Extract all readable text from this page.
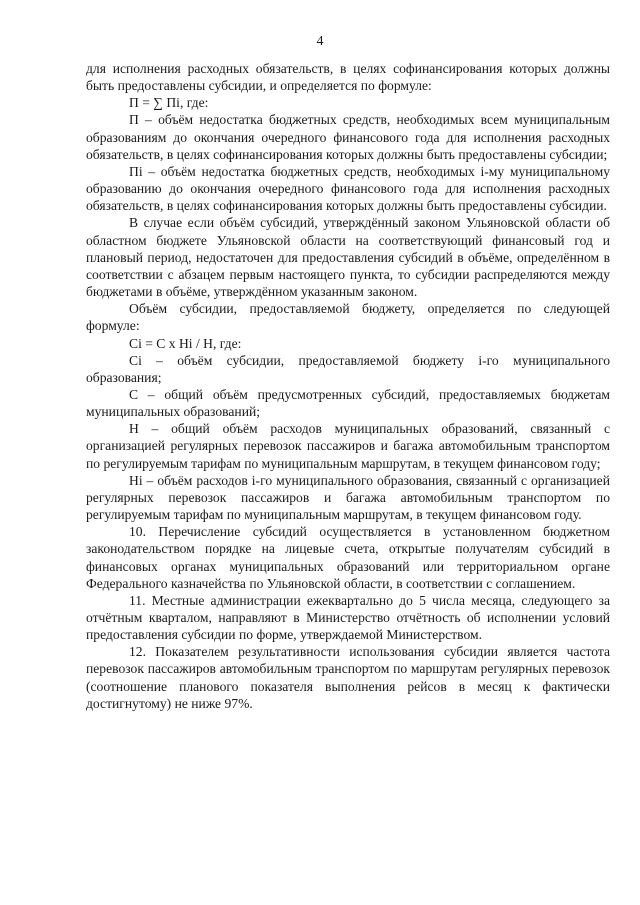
4

для исполнения расходных обязательств, в целях софинансирования которых должны быть предоставлены субсидии, и определяется по формуле:

П = ∑ Пi, где:

П – объём недостатка бюджетных средств, необходимых всем муниципальным образованиям до окончания очередного финансового года для исполнения расходных обязательств, в целях софинансирования которых должны быть предоставлены субсидии;

Пi – объём недостатка бюджетных средств, необходимых i-му муниципальному образованию до окончания очередного финансового года для исполнения расходных обязательств, в целях софинансирования которых должны быть предоставлены субсидии.

В случае если объём субсидий, утверждённый законом Ульяновской области об областном бюджете Ульяновской области на соответствующий финансовый год и плановый период, недостаточен для предоставления субсидий в объёме, определённом в соответствии с абзацем первым настоящего пункта, то субсидии распределяются между бюджетами в объёме, утверждённом указанным законом.

Объём субсидии, предоставляемой бюджету, определяется по следующей формуле:

Сi = С x Нi / Н, где:

Сi – объём субсидии, предоставляемой бюджету i-го муниципального образования;

С – общий объём предусмотренных субсидий, предоставляемых бюджетам муниципальных образований;

Н – общий объём расходов муниципальных образований, связанный с организацией регулярных перевозок пассажиров и багажа автомобильным транспортом по регулируемым тарифам по муниципальным маршрутам, в текущем финансовом году;

Нi – объём расходов i-го муниципального образования, связанный с организацией регулярных перевозок пассажиров и багажа автомобильным транспортом по регулируемым тарифам по муниципальным маршрутам, в текущем финансовом году.

10. Перечисление субсидий осуществляется в установленном бюджетном законодательством порядке на лицевые счета, открытые получателям субсидий в финансовых органах муниципальных образований или территориальном органе Федерального казначейства по Ульяновской области, в соответствии с соглашением.

11. Местные администрации ежеквартально до 5 числа месяца, следующего за отчётным кварталом, направляют в Министерство отчётность об исполнении условий предоставления субсидии по форме, утверждаемой Министерством.

12. Показателем результативности использования субсидии является частота перевозок пассажиров автомобильным транспортом по маршрутам регулярных перевозок (соотношение планового показателя выполнения рейсов в месяц к фактически достигнутому) не ниже 97%.
